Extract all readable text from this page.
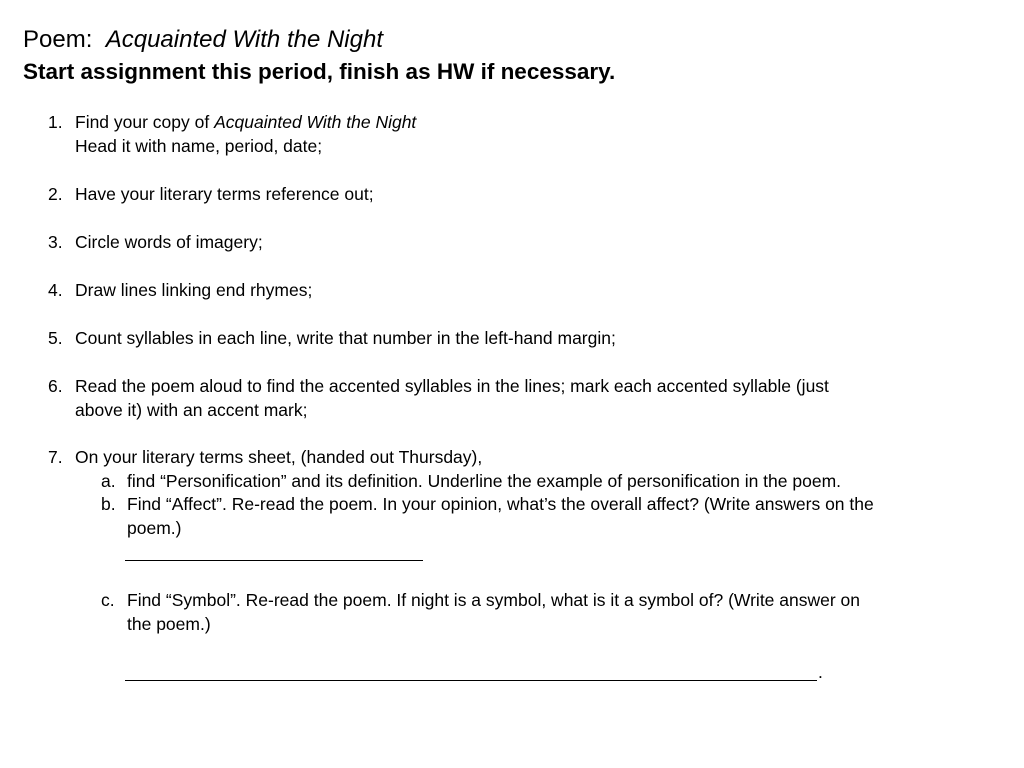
Poem: Acquainted With the Night
Start assignment this period, finish as HW if necessary.
1. Find your copy of Acquainted With the Night
Head it with name, period, date;
2. Have your literary terms reference out;
3. Circle words of imagery;
4. Draw lines linking end rhymes;
5. Count syllables in each line, write that number in the left-hand margin;
6. Read the poem aloud to find the accented syllables in the lines; mark each accented syllable (just
above it) with an accent mark;
7. On your literary terms sheet, (handed out Thursday),
a. find “Personification” and its definition. Underline the example of personification in the poem.
b. Find “Affect”. Re-read the poem. In your opinion, what’s the overall affect? (Write answers on the
poem.)
c. Find “Symbol”. Re-read the poem. If night is a symbol, what is it a symbol of? (Write answer on
the poem.)
.
